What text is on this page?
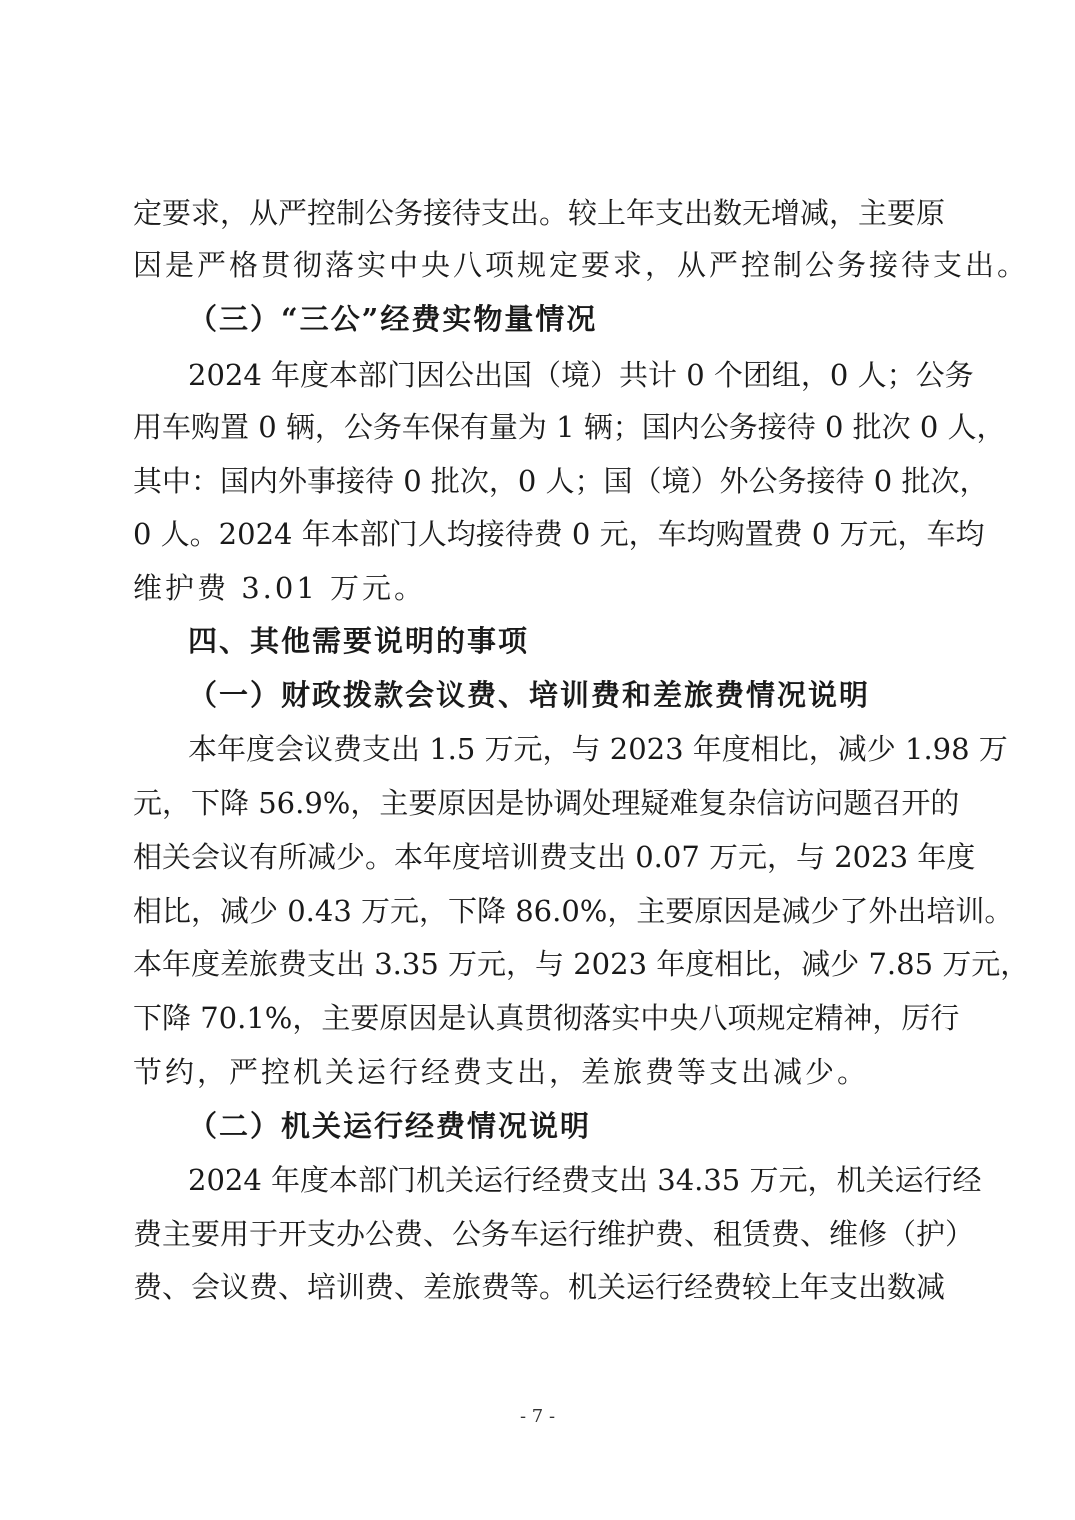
定要求，从严控制公务接待支出。较上年支出数无增减，主要原
因是严格贯彻落实中央八项规定要求，从严控制公务接待支出。
（三）“三公”经费实物量情况
2024 年度本部门因公出国（境）共计 0 个团组，0 人；公务
用车购置 0 辆，公务车保有量为 1 辆；国内公务接待 0 批次 0 人，
其中：国内外事接待 0 批次，0 人；国（境）外公务接待 0 批次，
0 人。2024 年本部门人均接待费 0 元，车均购置费 0 万元，车均
维护费 3.01 万元。
四、其他需要说明的事项
（一）财政拨款会议费、培训费和差旅费情况说明
本年度会议费支出 1.5 万元，与 2023 年度相比，减少 1.98 万
元，下降 56.9%，主要原因是协调处理疑难复杂信访问题召开的
相关会议有所减少。本年度培训费支出 0.07 万元，与 2023 年度
相比，减少 0.43 万元，下降 86.0%，主要原因是减少了外出培训。
本年度差旅费支出 3.35 万元，与 2023 年度相比，减少 7.85 万元，
下降 70.1%，主要原因是认真贯彻落实中央八项规定精神，厉行
节约，严控机关运行经费支出，差旅费等支出减少。
（二）机关运行经费情况说明
2024 年度本部门机关运行经费支出 34.35 万元，机关运行经
费主要用于开支办公费、公务车运行维护费、租赁费、维修（护）
费、会议费、培训费、差旅费等。机关运行经费较上年支出数减
- 7 -
